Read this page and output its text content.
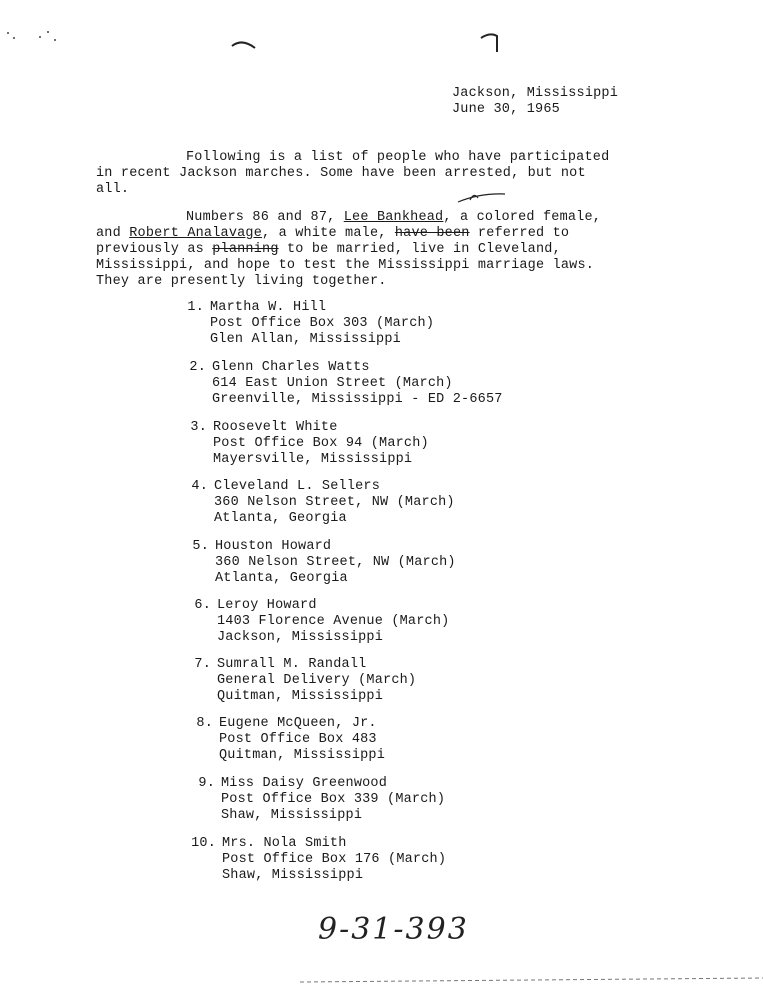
Jackson, Mississippi
June 30, 1965
Following is a list of people who have participated
in recent Jackson marches. Some have been arrested, but not
all.
Numbers 86 and 87, Lee Bankhead, a colored female,
and Robert Analavage, a white male, have been referred to
previously as planning to be married, live in Cleveland,
Mississippi, and hope to test the Mississippi marriage laws.
They are presently living together.
1. Martha W. Hill
Post Office Box 303 (March)
Glen Allan, Mississippi
2. Glenn Charles Watts
614 East Union Street (March)
Greenville, Mississippi - ED 2-6657
3. Roosevelt White
Post Office Box 94 (March)
Mayersville, Mississippi
4. Cleveland L. Sellers
360 Nelson Street, NW (March)
Atlanta, Georgia
5. Houston Howard
360 Nelson Street, NW (March)
Atlanta, Georgia
6. Leroy Howard
1403 Florence Avenue (March)
Jackson, Mississippi
7. Sumrall M. Randall
General Delivery (March)
Quitman, Mississippi
8. Eugene McQueen, Jr.
Post Office Box 483
Quitman, Mississippi
9. Miss Daisy Greenwood
Post Office Box 339 (March)
Shaw, Mississippi
10. Mrs. Nola Smith
Post Office Box 176 (March)
Shaw, Mississippi
9-31-393
